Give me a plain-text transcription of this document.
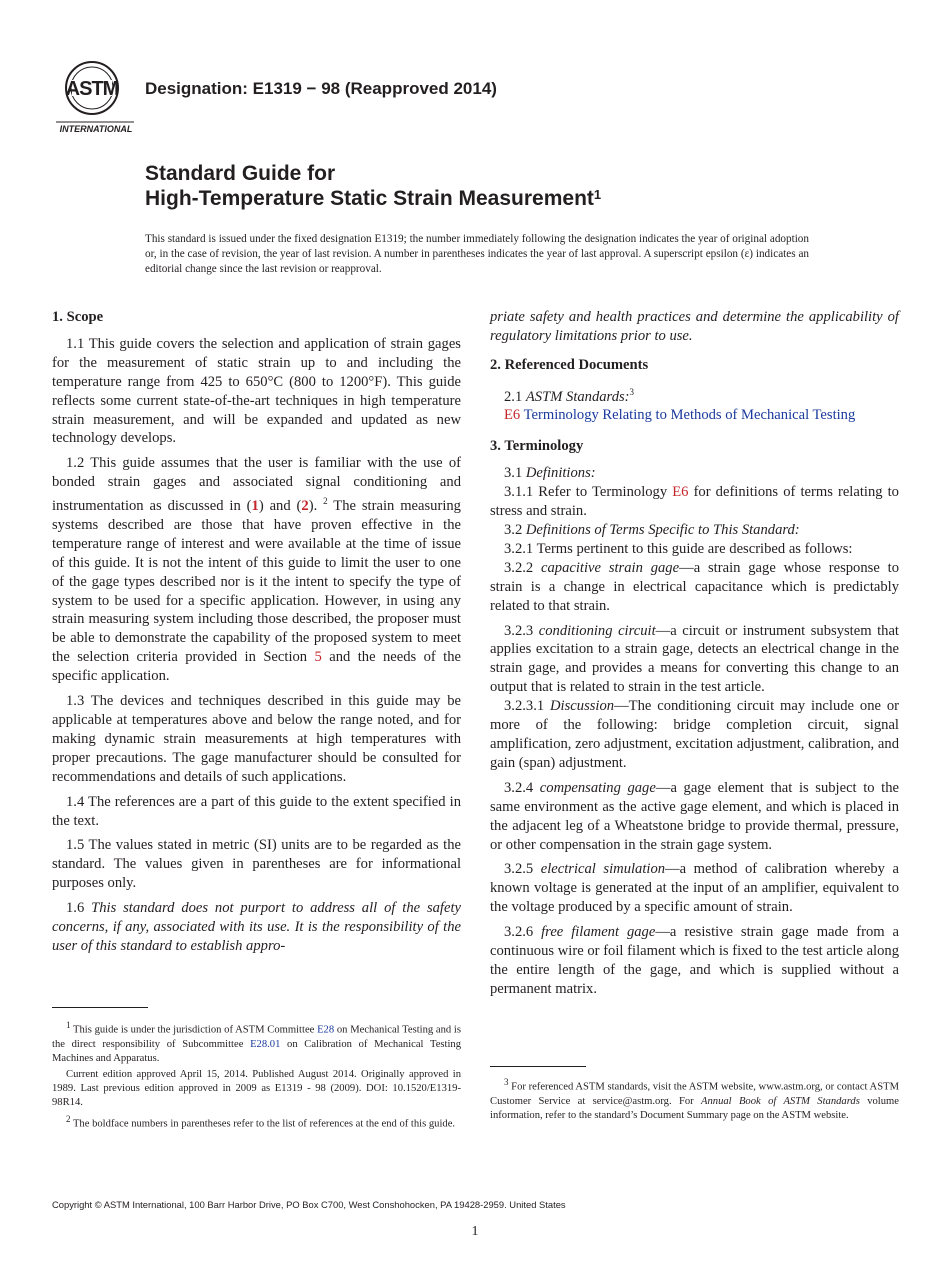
ASTM
INTERNATIONAL
Designation: E1319 − 98 (Reapproved 2014)
Standard Guide for
High-Temperature Static Strain Measurement$^1$
This standard is issued under the fixed designation E1319; the number immediately following the designation indicates the year of original adoption or, in the case of revision, the year of last revision. A number in parentheses indicates the year of last approval. A superscript epsilon (ε) indicates an editorial change since the last revision or reapproval.
1. Scope

1.1 This guide covers the selection and application of strain gages for the measurement of static strain up to and including the temperature range from 425 to 650°C (800 to 1200°F). This guide reflects some current state-of-the-art techniques in high temperature strain measurement, and will be expanded and updated as new technology develops.

1.2 This guide assumes that the user is familiar with the use of bonded strain gages and associated signal conditioning and instrumentation as discussed in (1) and (2). $^2$ The strain measuring systems described are those that have proven effective in the temperature range of interest and were available at the time of issue of this guide. It is not the intent of this guide to limit the user to one of the gage types described nor is it the intent to specify the type of system to be used for a specific application. However, in using any strain measuring system including those described, the proposer must be able to demonstrate the capability of the proposed system to meet the selection criteria provided in Section 5 and the needs of the specific application.

1.3 The devices and techniques described in this guide may be applicable at temperatures above and below the range noted, and for making dynamic strain measurements at high temperatures with proper precautions. The gage manufacturer should be consulted for recommendations and details of such applications.

1.4 The references are a part of this guide to the extent specified in the text.

1.5 The values stated in metric (SI) units are to be regarded as the standard. The values given in parentheses are for informational purposes only.

1.6 This standard does not purport to address all of the safety concerns, if any, associated with its use. It is the responsibility of the user of this standard to establish appro-

$^1$ This guide is under the jurisdiction of ASTM Committee E28 on Mechanical Testing and is the direct responsibility of Subcommittee E28.01 on Calibration of Mechanical Testing Machines and Apparatus.

Current edition approved April 15, 2014. Published August 2014. Originally approved in 1989. Last previous edition approved in 2009 as E1319 - 98 (2009). DOI: 10.1520/E1319-98R14.

$^2$ The boldface numbers in parentheses refer to the list of references at the end of this guide.

priate safety and health practices and determine the applicability of regulatory limitations prior to use.

2. Referenced Documents

2.1 ASTM Standards:$^3$

E6 Terminology Relating to Methods of Mechanical Testing

3. Terminology

3.1 Definitions:

3.1.1 Refer to Terminology E6 for definitions of terms relating to stress and strain.

3.2 Definitions of Terms Specific to This Standard:

3.2.1 Terms pertinent to this guide are described as follows:

3.2.2 capacitive strain gage—a strain gage whose response to strain is a change in electrical capacitance which is predictably related to that strain.

3.2.3 conditioning circuit—a circuit or instrument subsystem that applies excitation to a strain gage, detects an electrical change in the strain gage, and provides a means for converting this change to an output that is related to strain in the test article.

3.2.3.1 Discussion—The conditioning circuit may include one or more of the following: bridge completion circuit, signal amplification, zero adjustment, excitation adjustment, calibration, and gain (span) adjustment.

3.2.4 compensating gage—a gage element that is subject to the same environment as the active gage element, and which is placed in the adjacent leg of a Wheatstone bridge to provide thermal, pressure, or other compensation in the strain gage system.

3.2.5 electrical simulation—a method of calibration whereby a known voltage is generated at the input of an amplifier, equivalent to the voltage produced by a specific amount of strain.

3.2.6 free filament gage—a resistive strain gage made from a continuous wire or foil filament which is fixed to the test article along the entire length of the gage, and which is supplied without a permanent matrix.

$^3$ For referenced ASTM standards, visit the ASTM website, www.astm.org, or contact ASTM Customer Service at service@astm.org. For Annual Book of ASTM Standards volume information, refer to the standard’s Document Summary page on the ASTM website.

Copyright © ASTM International, 100 Barr Harbor Drive, PO Box C700, West Conshohocken, PA 19428-2959. United States
1
